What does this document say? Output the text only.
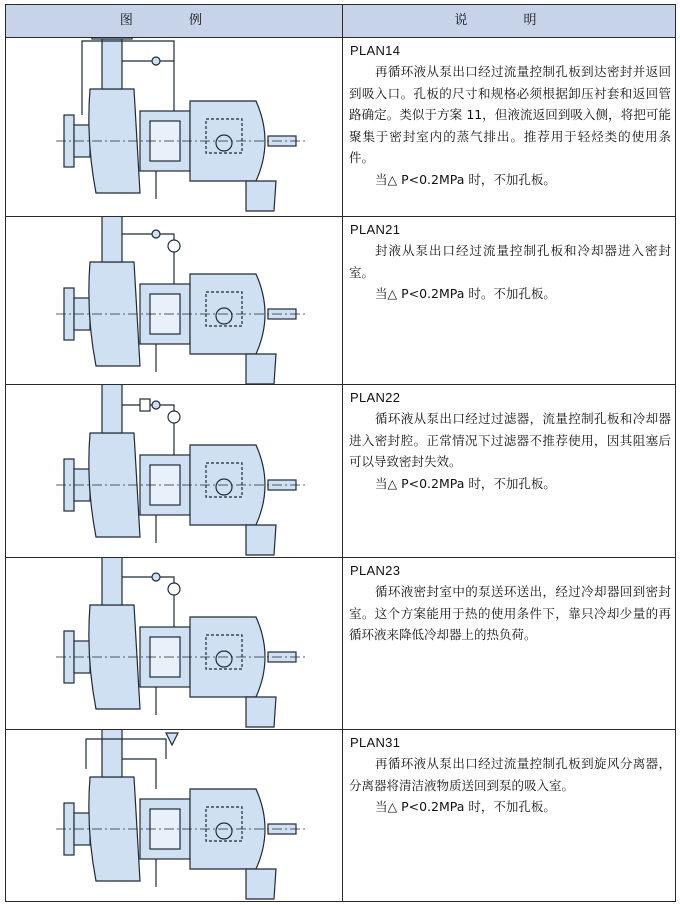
图 例	说 明
PLAN14

再循环液从泵出口经过流量控制孔板到达密封并返回到吸入口。孔板的尺寸和规格必须根据卸压衬套和返回管路确定。类似于方案 11，但液流返回到吸入侧，将把可能聚集于密封室内的蒸气排出。推荐用于轻烃类的使用条件。

当△ P<0.2MPa 时，不加孔板。

PLAN21

封液从泵出口经过流量控制孔板和冷却器进入密封室。

当△ P<0.2MPa 时。不加孔板。

PLAN22

循环液从泵出口经过过滤器，流量控制孔板和冷却器进入密封腔。正常情况下过滤器不推荐使用，因其阻塞后可以导致密封失效。

当△ P<0.2MPa 时，不加孔板。

PLAN23

循环液密封室中的泵送环送出，经过冷却器回到密封室。这个方案能用于热的使用条件下，靠只冷却少量的再循环液来降低冷却器上的热负荷。

PLAN31

再循环液从泵出口经过流量控制孔板到旋风分离器，分离器将清洁液物质送回到泵的吸入室。

当△ P<0.2MPa 时，不加孔板。
